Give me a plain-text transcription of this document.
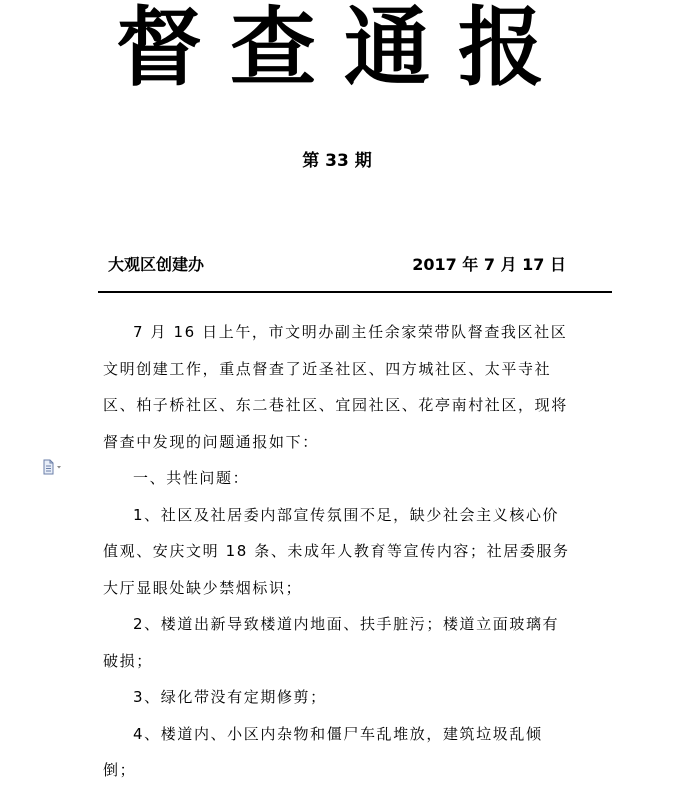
督查通报
第 33 期
大观区创建办	2017 年 7 月 17 日

7 月 16 日上午，市文明办副主任余家荣带队督查我区社区文明创建工作，重点督查了近圣社区、四方城社区、太平寺社区、柏子桥社区、东二巷社区、宜园社区、花亭南村社区，现将督查中发现的问题通报如下：

一、共性问题：

1、社区及社居委内部宣传氛围不足，缺少社会主义核心价值观、安庆文明 18 条、未成年人教育等宣传内容；社居委服务大厅显眼处缺少禁烟标识；

2、楼道出新导致楼道内地面、扶手脏污；楼道立面玻璃有破损；

3、绿化带没有定期修剪；

4、楼道内、小区内杂物和僵尸车乱堆放，建筑垃圾乱倾倒；
